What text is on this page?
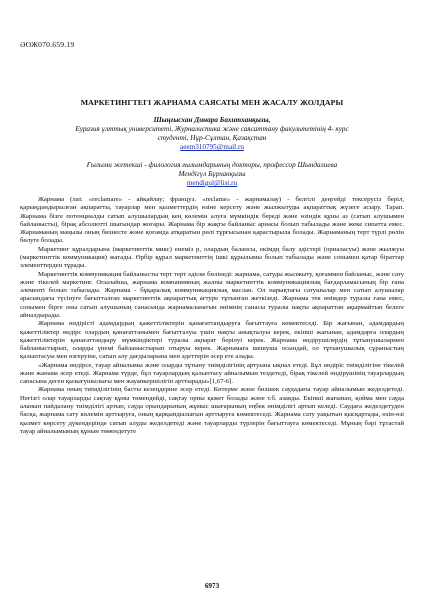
ӘОЖ070.659.19
МАРКЕТИНГТЕГІ ЖАРНАМА САЯСАТЫ МЕН ЖАСАЛУ ЖОЛДАРЫ
Шыңғысхан Динара Бахитханқызы,
Еуразия ұлттық университеті, Журналистика және саясаттану факультетінің 4- курс
студенті, Нұр-Сұлтан, Қазақстан
aeem310795@mail.ru
Ғылыми жетекші - филология ғылымдарының докторы, профессор Шындалиева
Мендігүл Бұрханқызы
mendigul@list.ru

Жарнама (лат. «reclamare» - айқайлау; француз. «reclame» - жарнамалау) - белгілі деңгейді тексерусіз беріл, қарыңдандырылған ақпаратты, тауарлар мен қызметтердің өзіне керсету және жылжытуды ақпараттық жүзеге асыру. Тарап. Жарнама бізге потенциалды сатып алушылардың кең көлемін алуға мүмкіндік береді және өзіндік құны аз (сатып алушымен байланысты), бірақ абсолютті шығындар жоғары. Жарнама бір жақты байланыс арнасы болып табылады және жеке сипатта емес. Жарнаманың маңызы оның бизнесте және қоғамда атқаратын рөлі тұрғысынан қарастырыла болады. Жарнаманың терт түрлі рөлін бөлуге болады.

Маркетинг құралдарына (маркетинттік микс) енеміз р, олардың балансы, екімдң балу әдістері (орналасуы) және жылжуы (маркетинттік коммуникация) жатады. Өрбір құрал маркетинттің ішкі құрылымы болып табылады және сонымен қатар біраттар элементтерден тұрады.

Маркетинттік коммуникация байланысты терт терт әдіске бөлінеді: жарнама, сатуды жылжыту, қоғаммен байланыс, және сату және тікелей маркетинг. Осылайша, жарнама компанияның жалпы маркетинттік коммуникациялық бағдарламасының бір ғана элементі болып табылады. Жарнама - бұқаралық коммуникациялық маслан. Ол нарықтағы сатушылар мен сатып алушылар арасындағы түсінуге бағытталған маркетинттік ақпараттық ағтуре тұтынған жеткізеді. Жарнама тек өнімдер туралы ғана емес, сонымен бірге оны сатып алушының санасында жарнамаланатын өнімнің санасы туралы нақты ақпараттан ақырмайтын белеге айналдырады.

Жарнама өндірісті адамдардың қажеттіліктерін қанағаттандыруға бағыттауға көмектеседі. Бір жағынан, адамдардың қажеттіліктер өндірс олардың қанағаттанымен бағытталуы үшін нақты анықталуы керек, екінші жағынан, адамдарға олардың қажеттіліктерін қанағаттандыру мүмкіндіктері туралы ақпарат берілуі керек. Жарнама өндірушілердің тұтынушылармен байланыстырып, оларды үнемі байланыстырып отыруы керек. Жарнамаға шешуша осындай, ол тұтынушылық сұраныстың қалыптасуы мен өзгеруіне, сатып алу дағдыларына мен әдеттерін әсер ете алады.

«Жарнама өндірсе, тауар айналымы және оларды тұтыну тиімділігінің артуына ықпал етеді. Бұл өндіріс тиімділігіне тікелей және жанама әсер етеді. Жарнама түрде, бұл тауарлардың қалыптасу айналымын тездетеді, бірақ тікелей өндірушінің тауарлардың сапасына деген қызығушылығы мен жауапкершілігін арттырады»[1,67-6].

Жарнама оның тиімділігінің басты кезеңдеріне әсер етеді. Көтерме және бөлшек саудадағы тауар айналымын жеделдетеді. Неғізгі олар тауарларды сақтау құны төмендейді, сақтау орны қажет болады және т.б. азаяды. Екінші жағынан, қойма мен сауда аланын пайдалану тиімділігі артып, сауда орындарының жұмыс шығарының еңбек өнімділігі артып келеді. Саудаға жеделдетуден басқа, жарнама сату көлемін арттыруға, оның қарқындылығын арттыруға көмектеседі. Жарнама сату уақытын қысқартады, өзін-өзі қызмет көрсету дүкендерінде сатып алуды жеделдетеді және тауарларды түрлерін бағыттауға көмектеседі. Мұның бәрі тұтастай тауар айналымының құнын төмендетуге

6973
